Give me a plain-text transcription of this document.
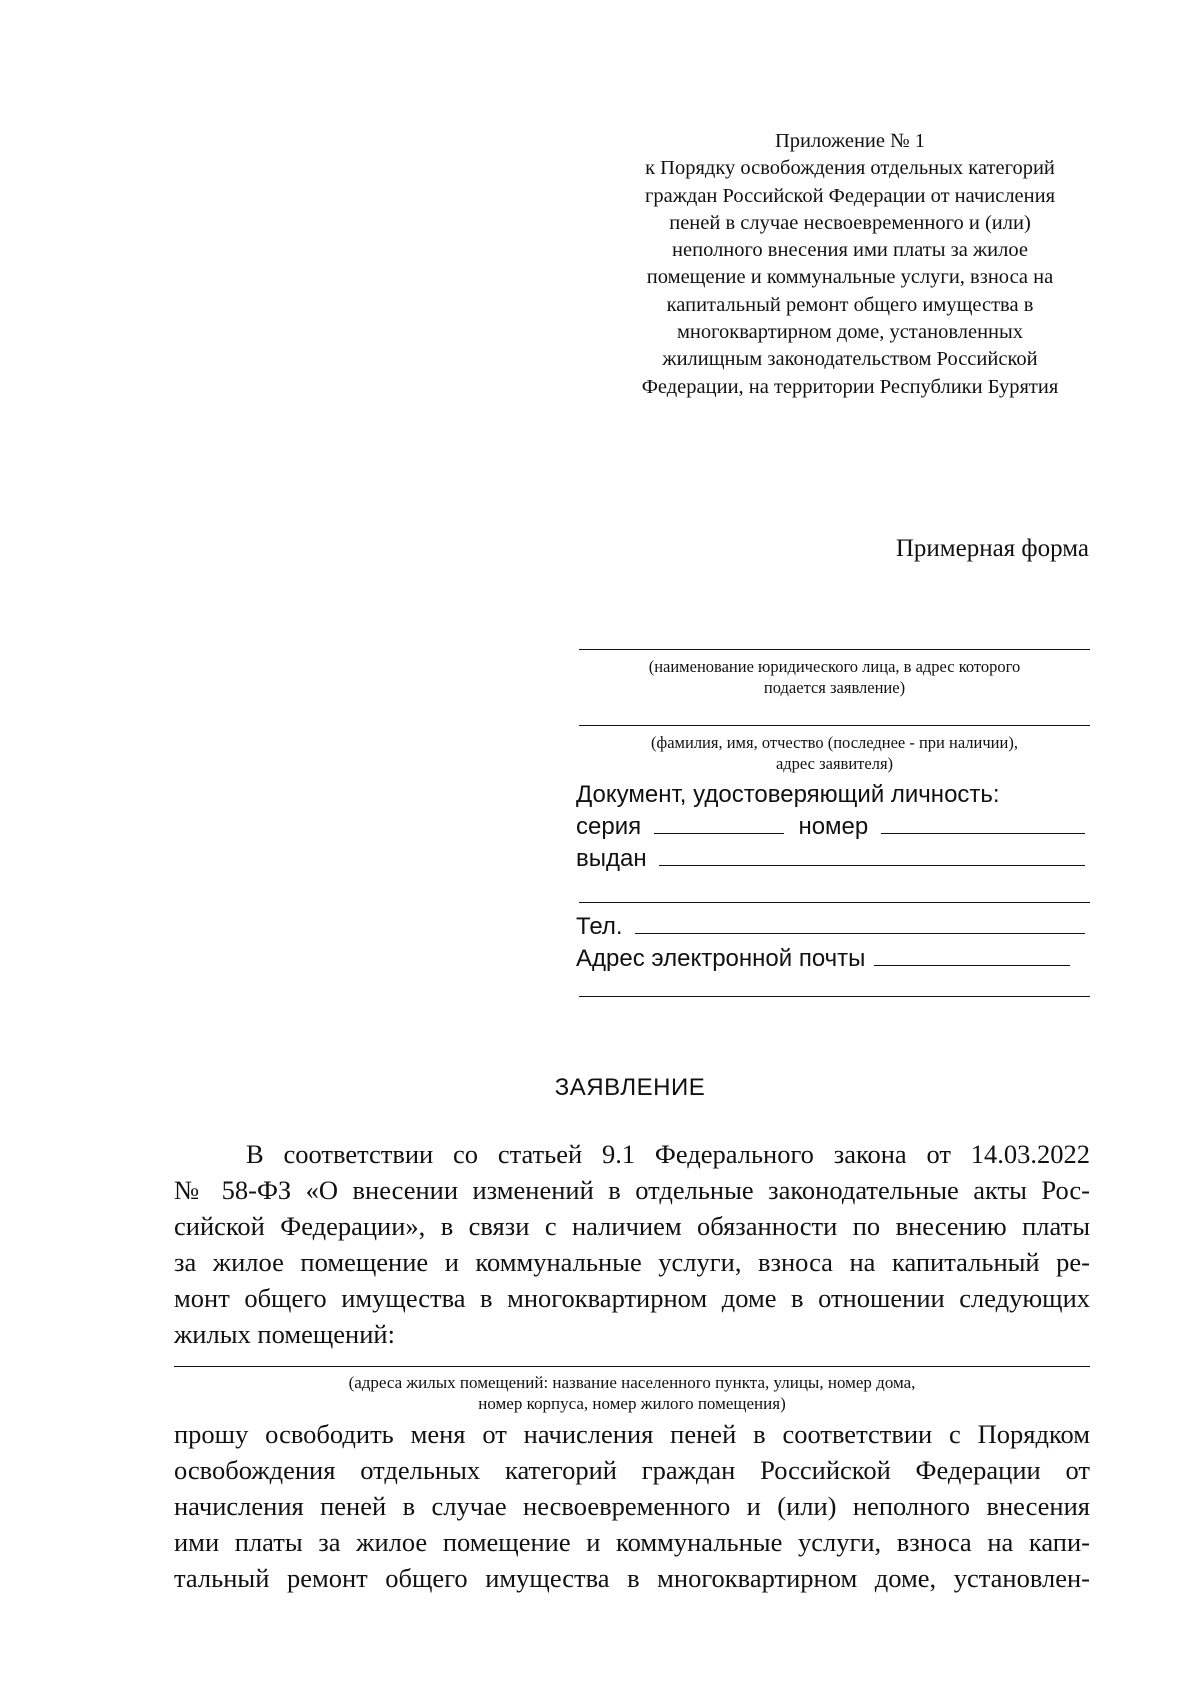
Приложение № 1
к Порядку освобождения отдельных категорий
граждан Российской Федерации от начисления
пеней в случае несвоевременного и (или)
неполного внесения ими платы за жилое
помещение и коммунальные услуги, взноса на
капитальный ремонт общего имущества в
многоквартирном доме, установленных
жилищным законодательством Российской
Федерации, на территории Республики Бурятия
Примерная форма
(наименование юридического лица, в адрес которого
подается заявление)
(фамилия, имя, отчество (последнее - при наличии),
адрес заявителя)
Документ, удостоверяющий личность:
серия	номер
выдан
Тел.
Адрес электронной почты
ЗАЯВЛЕНИЕ
В соответствии со статьей 9.1 Федерального закона от 14.03.2022
№ 58-ФЗ «О внесении изменений в отдельные законодательные акты Рос-
сийской Федерации», в связи с наличием обязанности по внесению платы
за жилое помещение и коммунальные услуги, взноса на капитальный ре-
монт общего имущества в многоквартирном доме в отношении следующих
жилых помещений:
(адреса жилых помещений: название населенного пункта, улицы, номер дома,
номер корпуса, номер жилого помещения)
прошу освободить меня от начисления пеней в соответствии с Порядком
освобождения отдельных категорий граждан Российской Федерации от
начисления пеней в случае несвоевременного и (или) неполного внесения
ими платы за жилое помещение и коммунальные услуги, взноса на капи-
тальный ремонт общего имущества в многоквартирном доме, установлен-
